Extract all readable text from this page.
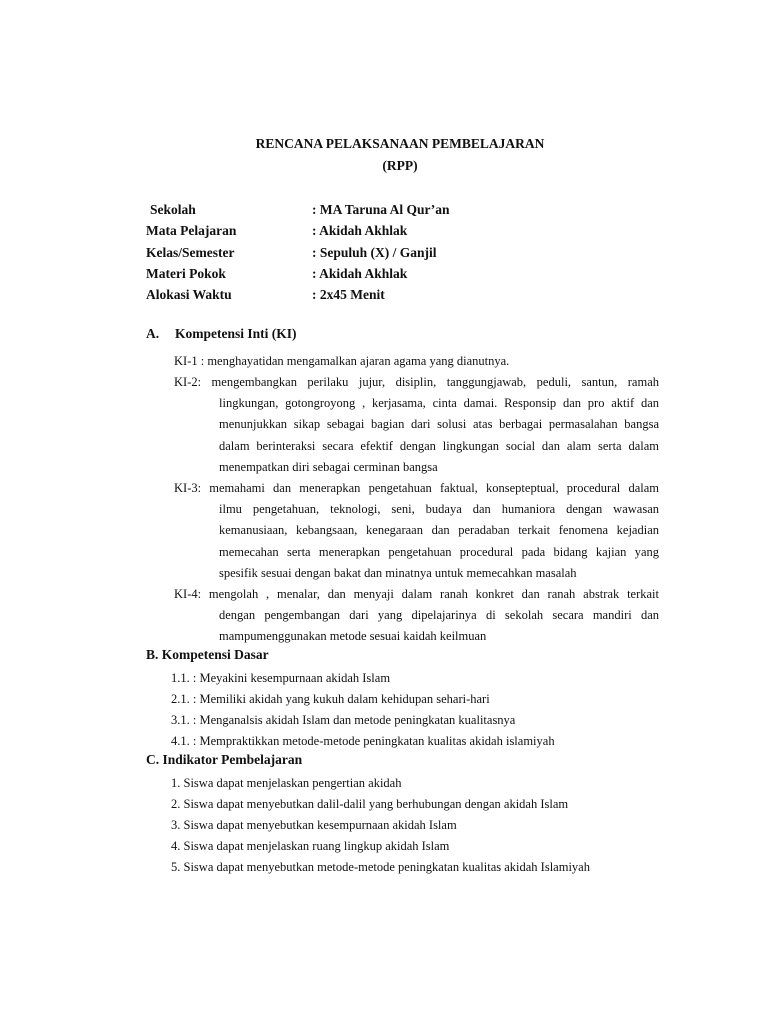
RENCANA PELAKSANAAN PEMBELAJARAN
(RPP)
Sekolah	: MA Taruna Al Qur’an
Mata Pelajaran	: Akidah Akhlak
Kelas/Semester	: Sepuluh (X) / Ganjil
Materi Pokok	: Akidah Akhlak
Alokasi Waktu	: 2x45 Menit
A. Kompetensi Inti (KI)
KI-1 : menghayatidan mengamalkan ajaran agama yang dianutnya.
KI-2: mengembangkan perilaku jujur, disiplin, tanggungjawab, peduli, santun, ramah
lingkungan, gotongroyong , kerjasama, cinta damai. Responsip dan pro aktif dan
menunjukkan sikap sebagai bagian dari solusi atas berbagai permasalahan bangsa
dalam berinteraksi secara efektif dengan lingkungan social dan alam serta dalam
menempatkan diri sebagai cerminan bangsa
KI-3: memahami dan menerapkan pengetahuan faktual, konsepteptual, procedural dalam
ilmu pengetahuan, teknologi, seni, budaya dan humaniora dengan wawasan
kemanusiaan, kebangsaan, kenegaraan dan peradaban terkait fenomena kejadian
memecahan serta menerapkan pengetahuan procedural pada bidang kajian yang
spesifik sesuai dengan bakat dan minatnya untuk memecahkan masalah
KI-4: mengolah , menalar, dan menyaji dalam ranah konkret dan ranah abstrak terkait
dengan pengembangan dari yang dipelajarinya di sekolah secara mandiri dan
mampumenggunakan metode sesuai kaidah keilmuan
B. Kompetensi Dasar
1.1. : Meyakini kesempurnaan akidah Islam
2.1. : Memiliki akidah yang kukuh dalam kehidupan sehari-hari
3.1. : Menganalsis akidah Islam dan metode peningkatan kualitasnya
4.1. : Mempraktikkan metode-metode peningkatan kualitas akidah islamiyah
C. Indikator Pembelajaran
1. Siswa dapat menjelaskan pengertian akidah
2. Siswa dapat menyebutkan dalil-dalil yang berhubungan dengan akidah Islam
3. Siswa dapat menyebutkan kesempurnaan akidah Islam
4. Siswa dapat menjelaskan ruang lingkup akidah Islam
5. Siswa dapat menyebutkan metode-metode peningkatan kualitas akidah Islamiyah
